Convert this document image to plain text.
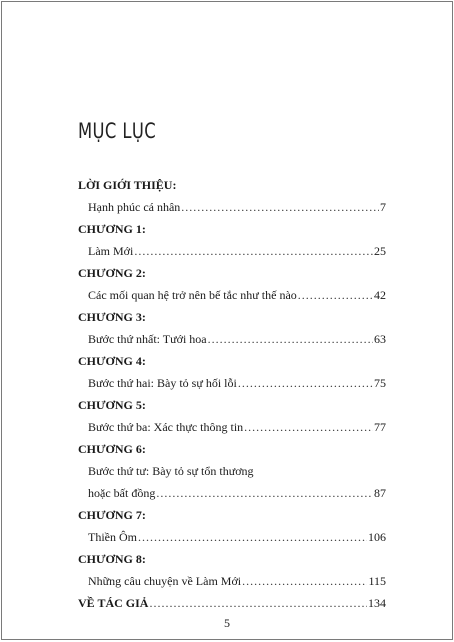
MỤC LỤC
LỜI GIỚI THIỆU:
Hạnh phúc cá nhân .....	7
CHƯƠNG 1:
Làm Mới .....	25
CHƯƠNG 2:
Các mối quan hệ trở nên bế tắc như thế nào .....	42
CHƯƠNG 3:
Bước thứ nhất: Tưới hoa .....	63
CHƯƠNG 4:
Bước thứ hai: Bày tỏ sự hối lỗi .....	75
CHƯƠNG 5:
Bước thứ ba: Xác thực thông tin .....	77
CHƯƠNG 6:
Bước thứ tư: Bày tỏ sự tổn thương
hoặc bất đồng .....	87
CHƯƠNG 7:
Thiền Ôm .....	106
CHƯƠNG 8:
Những câu chuyện về Làm Mới .....	115
VỀ TÁC GIẢ .....	134
5
